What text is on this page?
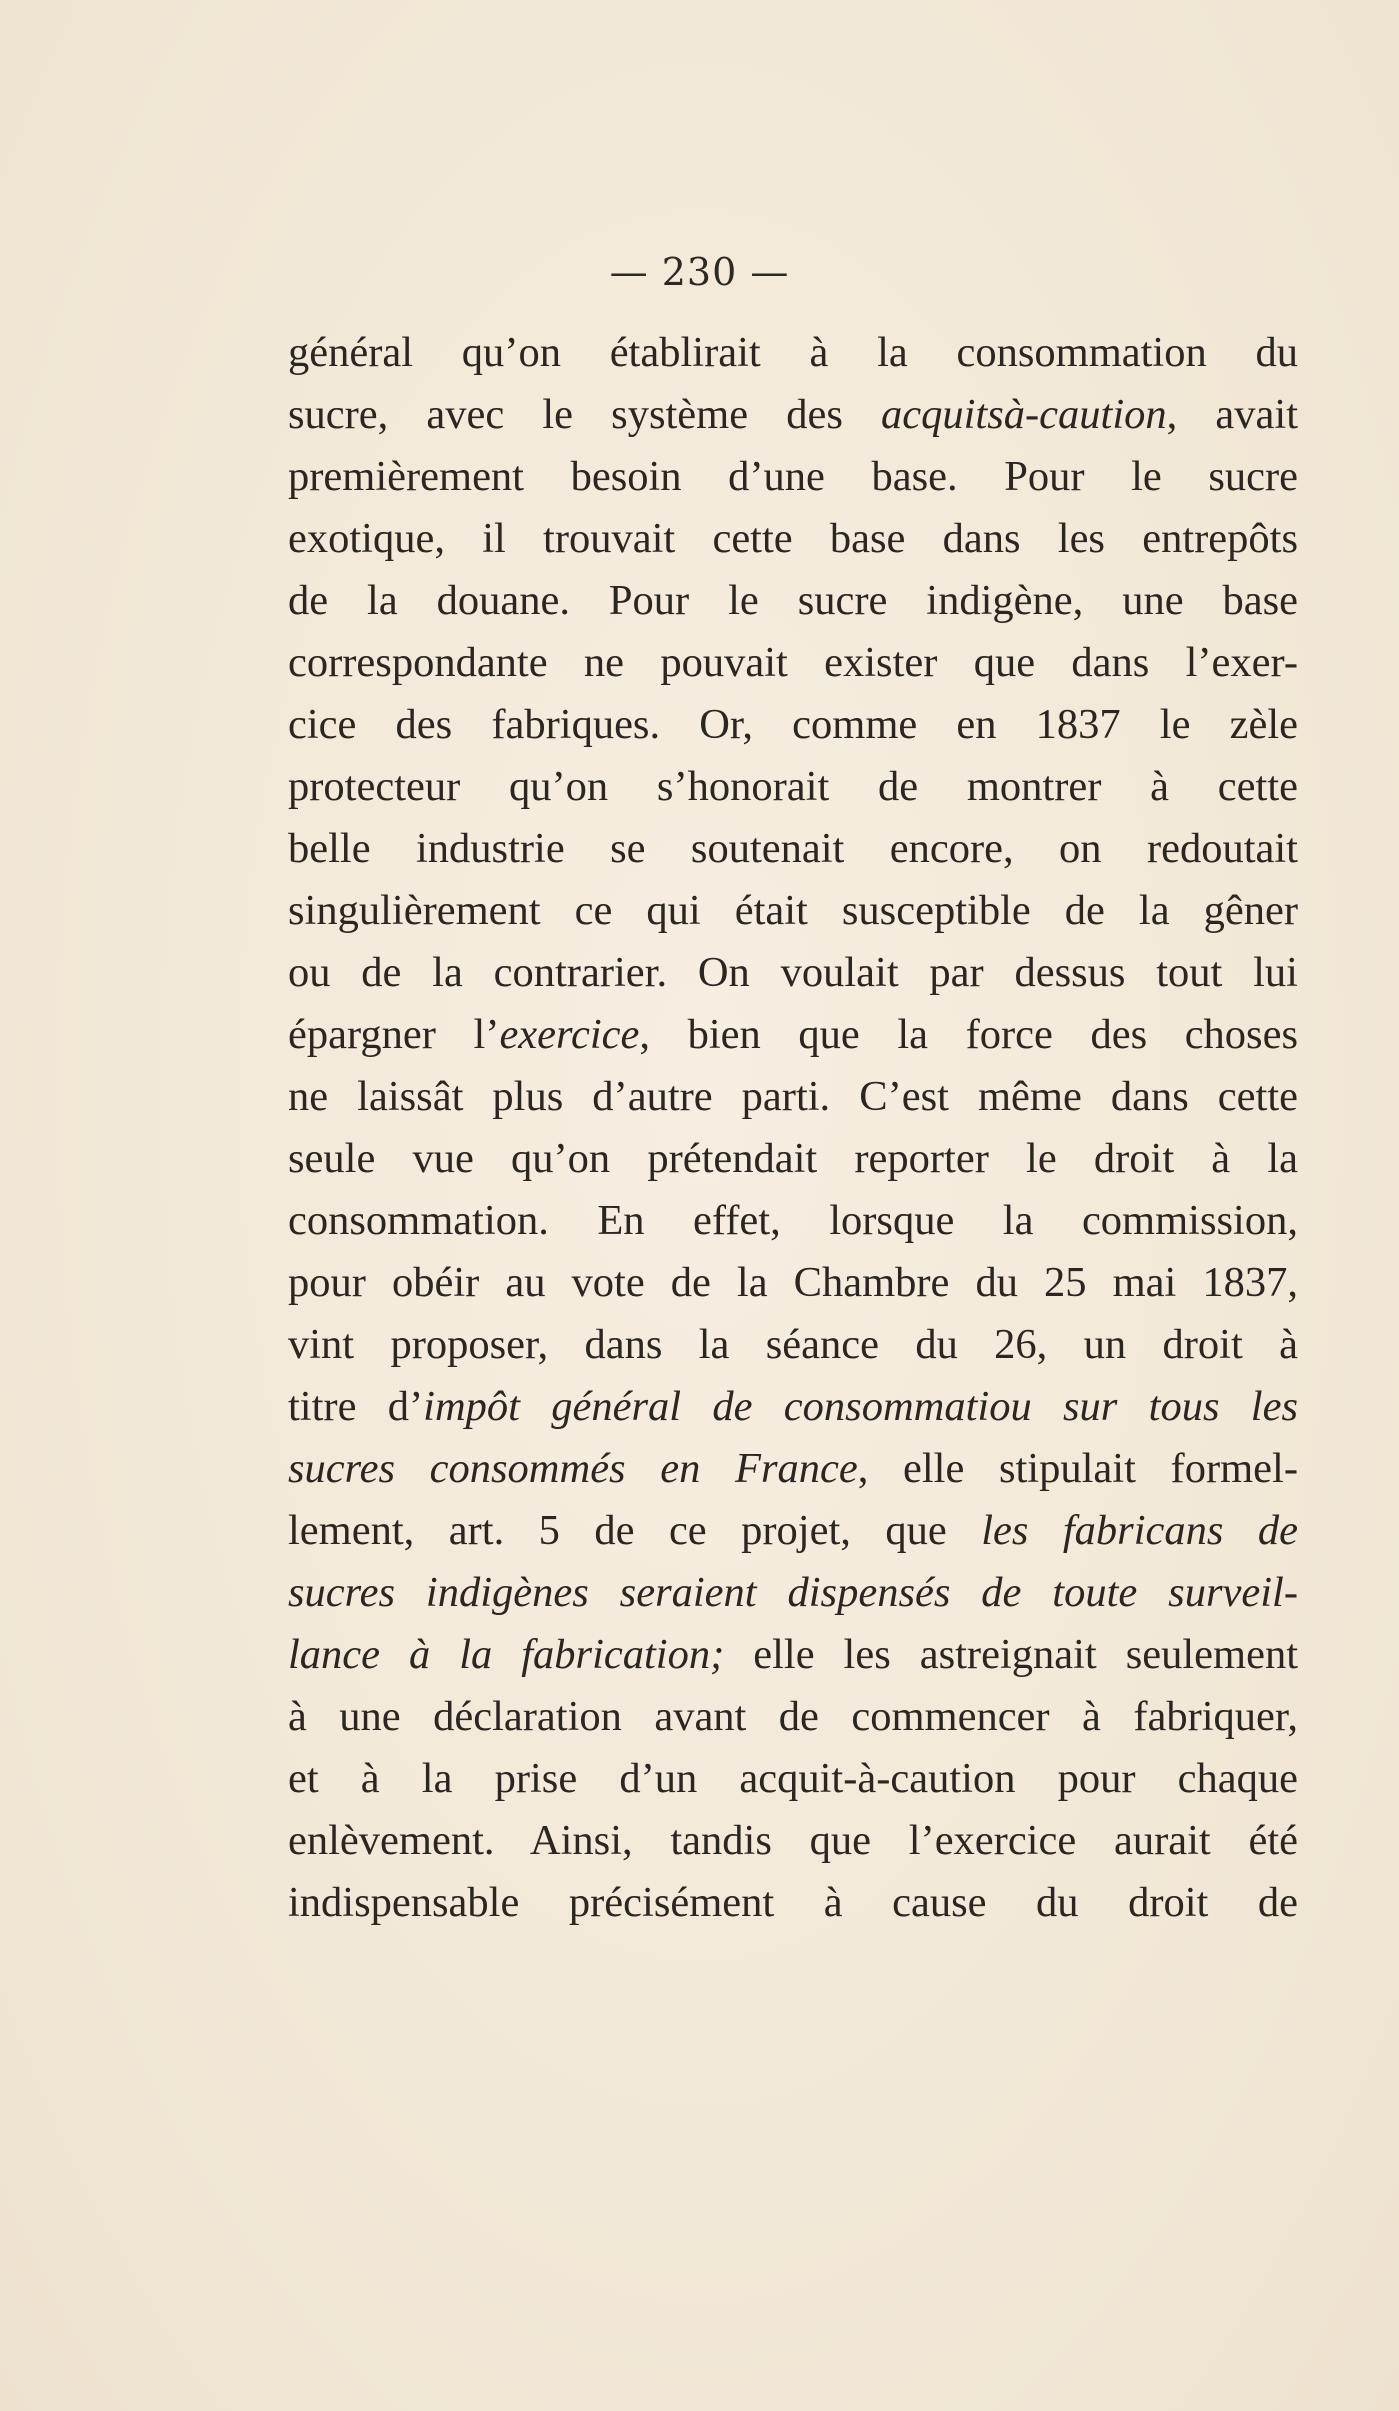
— 230 —
général qu’on établirait à la consommation du
sucre, avec le système des acquitsà-caution, avait
premièrement besoin d’une base. Pour le sucre
exotique, il trouvait cette base dans les entrepôts
de la douane. Pour le sucre indigène, une base
correspondante ne pouvait exister que dans l’exer-
cice des fabriques. Or, comme en 1837 le zèle
protecteur qu’on s’honorait de montrer à cette
belle industrie se soutenait encore, on redoutait
singulièrement ce qui était susceptible de la gêner
ou de la contrarier. On voulait par dessus tout lui
épargner l’exercice, bien que la force des choses
ne laissât plus d’autre parti. C’est même dans cette
seule vue qu’on prétendait reporter le droit à la
consommation. En effet, lorsque la commission,
pour obéir au vote de la Chambre du 25 mai 1837,
vint proposer, dans la séance du 26, un droit à
titre d’impôt général de consommatiou sur tous les
sucres consommés en France, elle stipulait formel-
lement, art. 5 de ce projet, que les fabricans de
sucres indigènes seraient dispensés de toute surveil-
lance à la fabrication; elle les astreignait seulement
à une déclaration avant de commencer à fabriquer,
et à la prise d’un acquit-à-caution pour chaque
enlèvement. Ainsi, tandis que l’exercice aurait été
indispensable précisément à cause du droit de
